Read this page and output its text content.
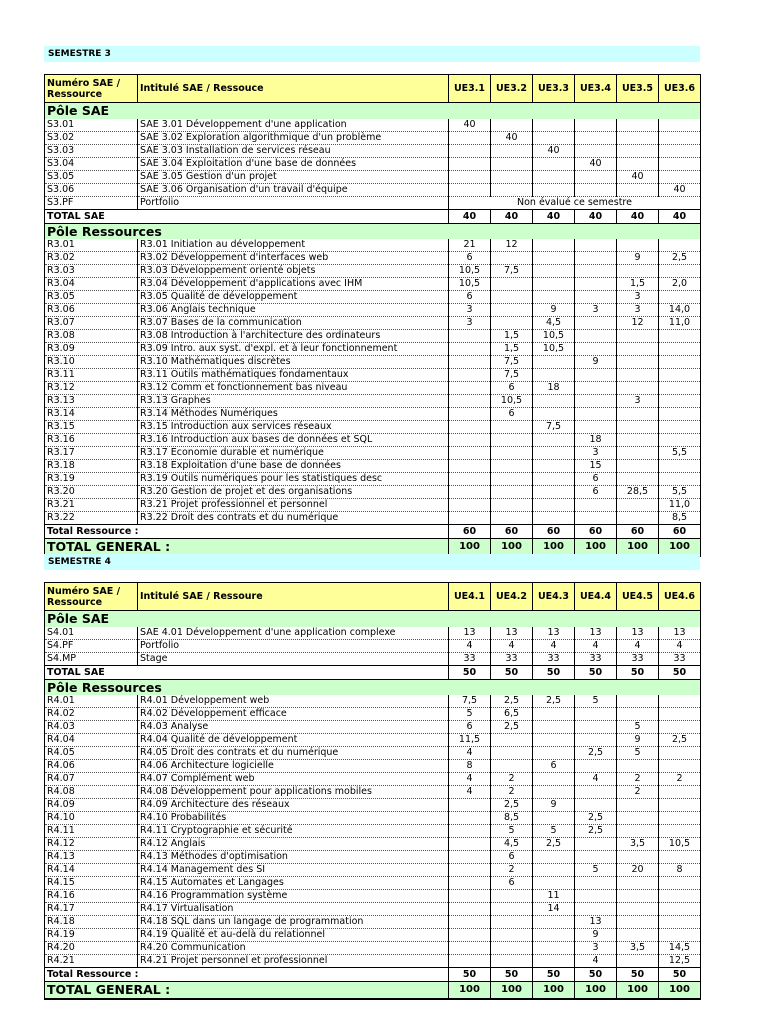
SEMESTRE 3
Numéro SAE / Ressource	Intitulé SAE / Ressouce	UE3.1	UE3.2	UE3.3	UE3.4	UE3.5	UE3.6
Pôle SAE							
S3.01	SAE 3.01 Développement d'une application	40					
S3.02	SAE 3.02 Exploration algorithmique d'un problème		40				
S3.03	SAE 3.03 Installation de services réseau			40			
S3.04	SAE 3.04 Exploitation d'une base de données				40		
S3.05	SAE 3.05 Gestion d'un projet					40	
S3.06	SAE 3.06 Organisation d'un travail d'équipe						40
S3.PF	Portfolio	Non évalué ce semestre					
TOTAL SAE		40	40	40	40	40	40
Pôle Ressources							
R3.01	R3.01 Initiation au développement	21	12				
R3.02	R3.02 Développement d'interfaces web	6				9	2,5
R3.03	R3.03 Développement orienté objets	10,5	7,5				
R3.04	R3.04 Développement d'applications avec IHM	10,5				1,5	2,0
R3.05	R3.05 Qualité de développement	6				3	
R3.06	R3.06 Anglais technique	3		9	3	3	14,0
R3.07	R3.07 Bases de la communication	3		4,5		12	11,0
R3.08	R3.08 Introduction à l'architecture des ordinateurs		1,5	10,5			
R3.09	R3.09 Intro. aux syst. d'expl. et à leur fonctionnement		1,5	10,5			
R3.10	R3.10 Mathématiques discrètes		7,5		9		
R3.11	R3.11 Outils mathématiques fondamentaux		7,5				
R3.12	R3.12 Comm et fonctionnement bas niveau		6	18			
R3.13	R3.13 Graphes		10,5			3	
R3.14	R3.14 Méthodes Numériques		6				
R3.15	R3.15 Introduction aux services réseaux			7,5			
R3.16	R3.16 Introduction aux bases de données et SQL				18		
R3.17	R3.17 Economie durable et numérique				3		5,5
R3.18	R3.18 Exploitation d'une base de données				15		
R3.19	R3.19 Outils numériques pour les statistiques desc				6		
R3.20	R3.20 Gestion de projet et des organisations				6	28,5	5,5
R3.21	R3.21 Projet professionnel et personnel						11,0
R3.22	R3.22 Droit des contrats et du numérique						8,5
Total Ressource :		60	60	60	60	60	60
TOTAL GENERAL :		100	100	100	100	100	100
SEMESTRE 4
Numéro SAE / Ressource	Intitulé SAE / Ressoure	UE4.1	UE4.2	UE4.3	UE4.4	UE4.5	UE4.6
Pôle SAE							
S4.01	SAE 4.01 Développement d'une application complexe	13	13	13	13	13	13
S4.PF	Portfolio	4	4	4	4	4	4
S4.MP	Stage	33	33	33	33	33	33
TOTAL SAE		50	50	50	50	50	50
Pôle Ressources							
R4.01	R4.01 Développement web	7,5	2,5	2,5	5		
R4.02	R4.02 Développement efficace	5	6,5				
R4.03	R4.03 Analyse	6	2,5			5	
R4.04	R4.04 Qualité de développement	11,5				9	2,5
R4.05	R4.05 Droit des contrats et du numérique	4			2,5	5	
R4.06	R4.06 Architecture logicielle	8		6			
R4.07	R4.07 Complément web	4	2		4	2	2
R4.08	R4.08 Développement pour applications mobiles	4	2			2	
R4.09	R4.09 Architecture des réseaux		2,5	9			
R4.10	R4.10 Probabilités		8,5		2,5		
R4.11	R4.11 Cryptographie et sécurité		5	5	2,5		
R4.12	R4.12 Anglais		4,5	2,5		3,5	10,5
R4.13	R4.13 Méthodes d'optimisation		6				
R4.14	R4.14 Management des SI		2		5	20	8
R4.15	R4.15 Automates et Langages		6				
R4.16	R4.16 Programmation système			11			
R4.17	R4.17 Virtualisation			14			
R4.18	R4.18 SQL dans un langage de programmation				13		
R4.19	R4.19 Qualité et au-delà du relationnel				9		
R4.20	R4.20 Communication				3	3,5	14,5
R4.21	R4.21 Projet personnel et professionnel				4		12,5
Total Ressource :		50	50	50	50	50	50
TOTAL GENERAL :		100	100	100	100	100	100
